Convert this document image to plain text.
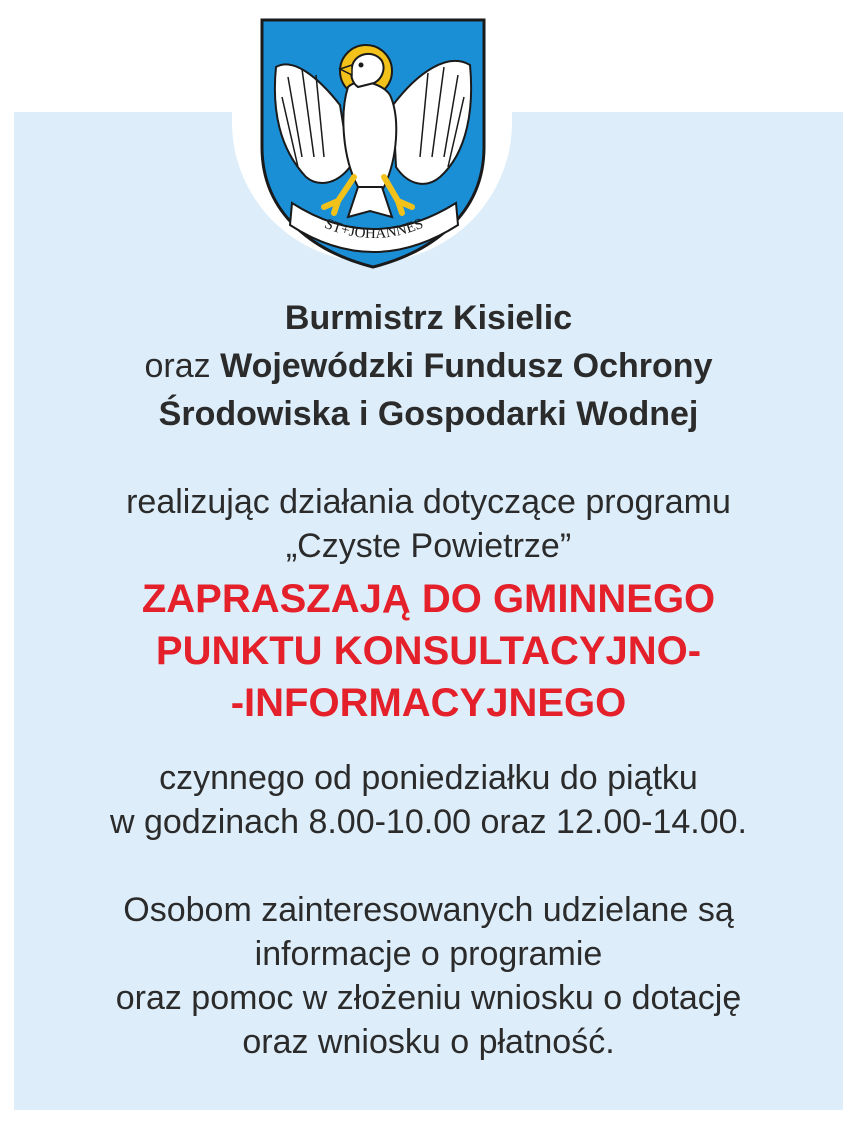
ST+JOHANNES
Burmistrz Kisielic
oraz Wojewódzki Fundusz Ochrony
Środowiska i Gospodarki Wodnej
realizując działania dotyczące programu
„Czyste Powietrze”
ZAPRASZAJĄ DO GMINNEGO
PUNKTU KONSULTACYJNO-
-INFORMACYJNEGO
czynnego od poniedziałku do piątku
w godzinach 8.00-10.00 oraz 12.00-14.00.
Osobom zainteresowanych udzielane są
informacje o programie
oraz pomoc w złożeniu wniosku o dotację
oraz wniosku o płatność.
